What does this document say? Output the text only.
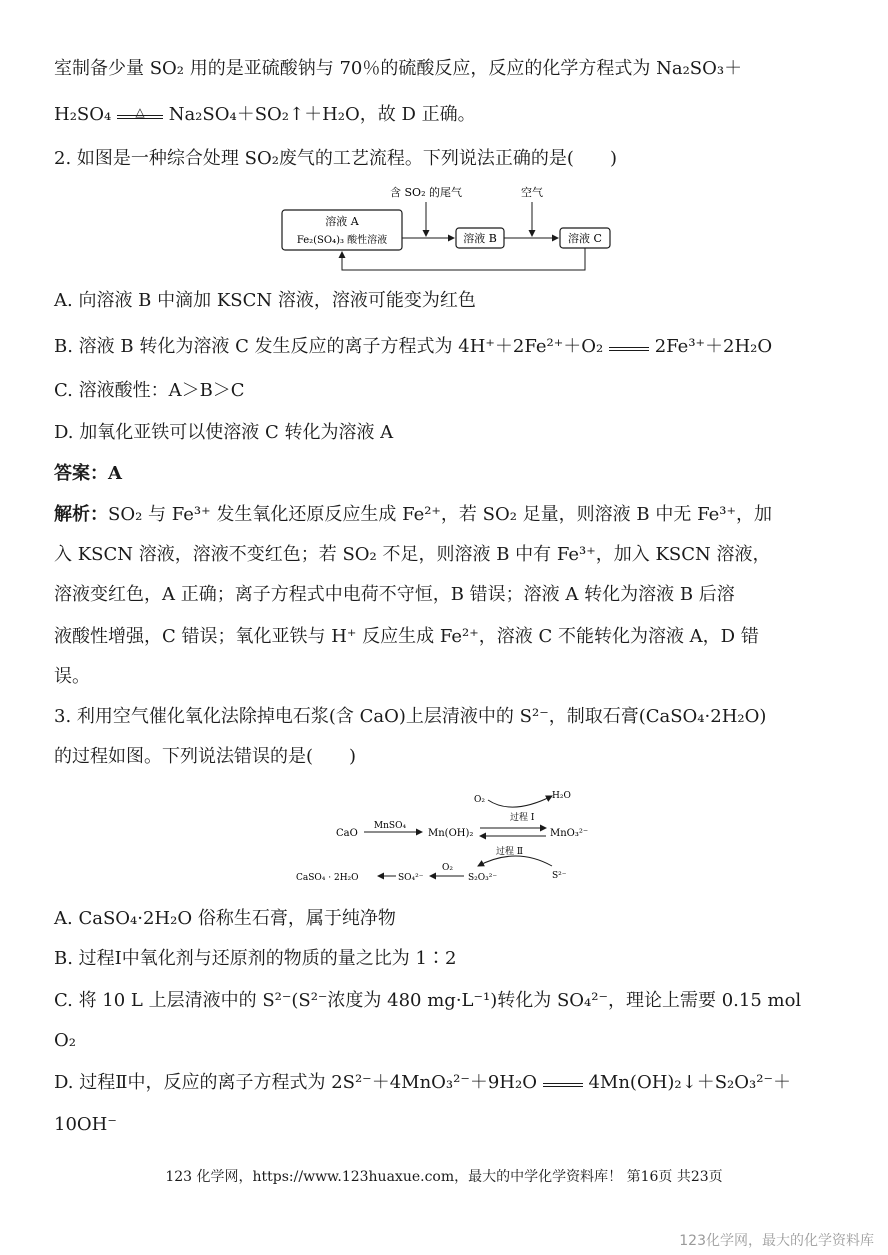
室制备少量 SO₂ 用的是亚硫酸钠与 70％的硫酸反应，反应的化学方程式为 Na₂SO₃＋
H₂SO₄	△	Na₂SO₄＋SO₂↑＋H₂O，故 D 正确。
2. 如图是一种综合处理 SO₂废气的工艺流程。下列说法正确的是(　　)
溶液 A
Fe₂(SO₄)₃ 酸性溶液	溶液 B	溶液 C
含 SO₂ 的尾气	空气
A. 向溶液 B 中滴加 KSCN 溶液，溶液可能变为红色
B. 溶液 B 转化为溶液 C 发生反应的离子方程式为 4H⁺＋2Fe²⁺＋O₂	2Fe³⁺＋2H₂O
C. 溶液酸性：A＞B＞C
D. 加氧化亚铁可以使溶液 C 转化为溶液 A
答案：A
解析：SO₂ 与 Fe³⁺ 发生氧化还原反应生成 Fe²⁺，若 SO₂ 足量，则溶液 B 中无 Fe³⁺，加
入 KSCN 溶液，溶液不变红色；若 SO₂ 不足，则溶液 B 中有 Fe³⁺，加入 KSCN 溶液，
溶液变红色，A 正确；离子方程式中电荷不守恒，B 错误；溶液 A 转化为溶液 B 后溶
液酸性增强，C 错误；氧化亚铁与 H⁺ 反应生成 Fe²⁺，溶液 C 不能转化为溶液 A，D 错
误。
3. 利用空气催化氧化法除掉电石浆(含 CaO)上层清液中的 S²⁻，制取石膏(CaSO₄·2H₂O)
的过程如图。下列说法错误的是(　　)
CaO
MnSO₄
Mn(OH)₂	MnO₃²⁻
O₂	H₂O
过程 Ⅰ
过程 Ⅱ
S²⁻
S₂O₃²⁻
O₂
SO₄²⁻
CaSO₄ · 2H₂O
A. CaSO₄·2H₂O 俗称生石膏，属于纯净物
B. 过程Ⅰ中氧化剂与还原剂的物质的量之比为 1∶2
C. 将 10 L 上层清液中的 S²⁻(S²⁻浓度为 480 mg·L⁻¹)转化为 SO₄²⁻，理论上需要 0.15 mol
O₂
D. 过程Ⅱ中，反应的离子方程式为 2S²⁻＋4MnO₃²⁻＋9H₂O	4Mn(OH)₂↓＋S₂O₃²⁻＋
10OH⁻
123 化学网，https://www.123huaxue.com，最大的中学化学资料库！ 第16页 共23页
123化学网，最大的化学资料库
